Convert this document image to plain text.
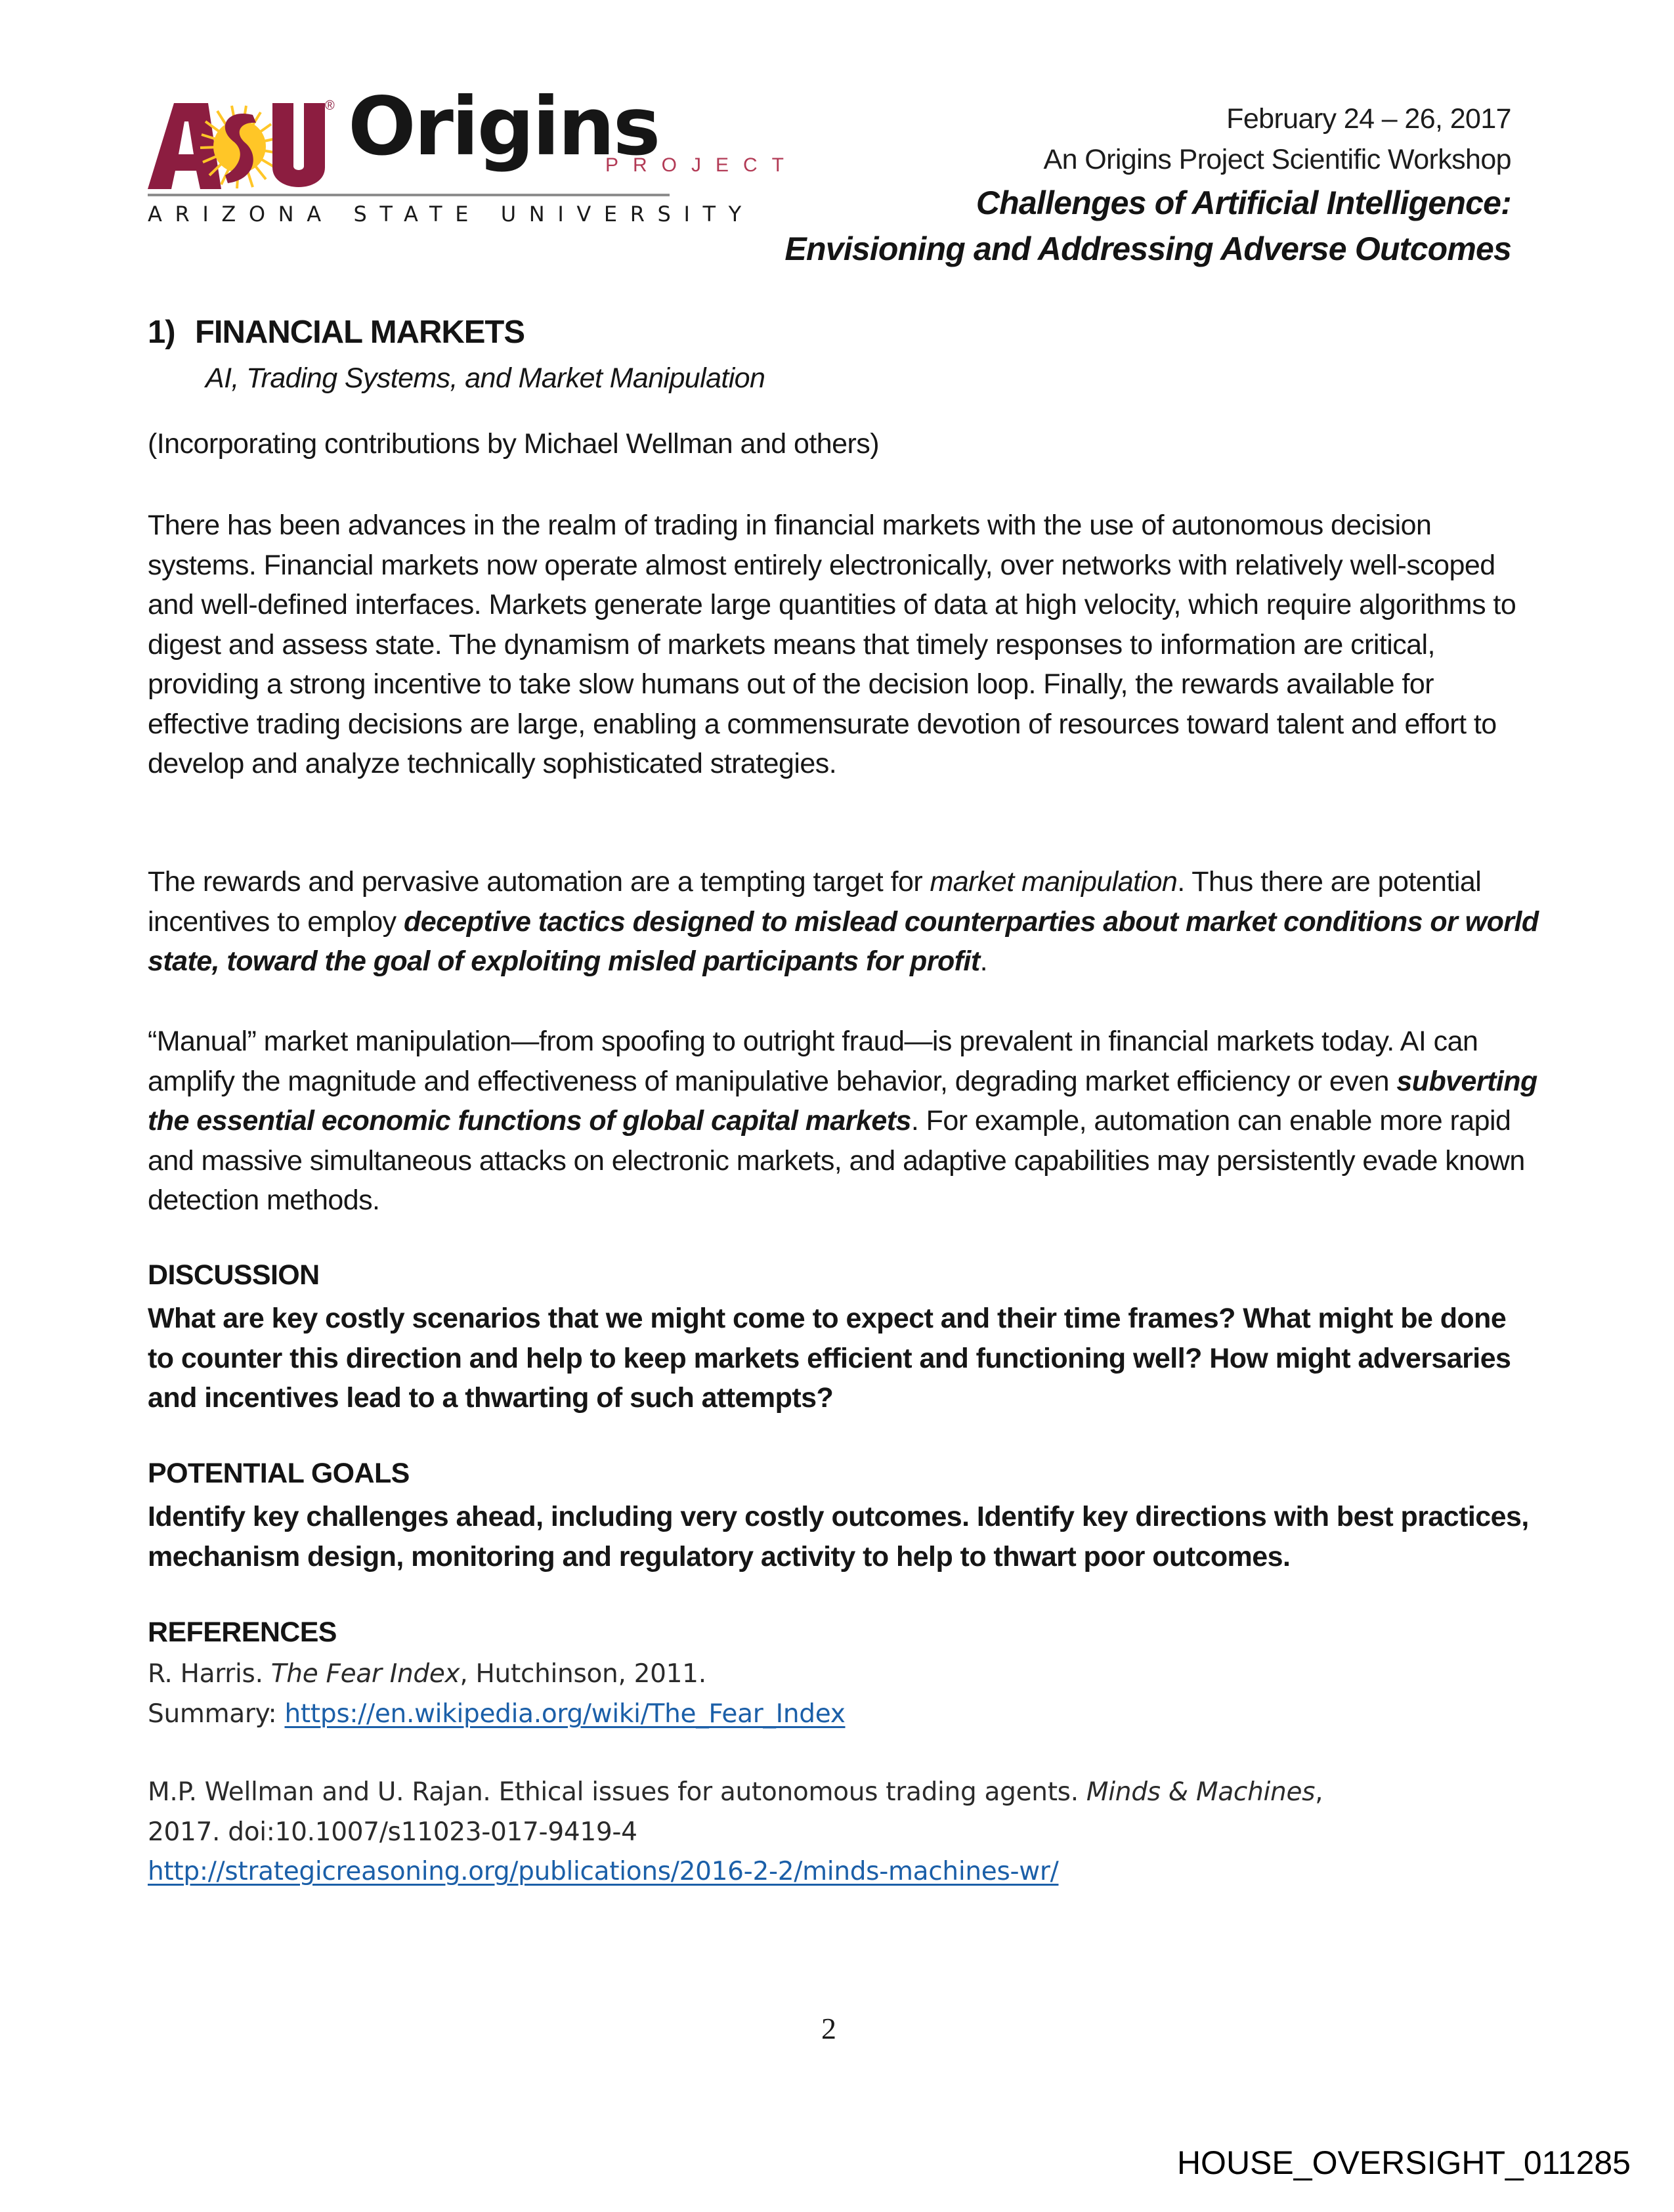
® Origins
PROJECT
ARIZONA STATE UNIVERSITY
February 24 – 26, 2017
An Origins Project Scientific Workshop
Challenges of Artificial Intelligence:
Envisioning and Addressing Adverse Outcomes
1) FINANCIAL MARKETS
AI, Trading Systems, and Market Manipulation
(Incorporating contributions by Michael Wellman and others)

There has been advances in the realm of trading in financial markets with the use of autonomous decision systems. Financial markets now operate almost entirely electronically, over networks with relatively well-scoped and well-defined interfaces. Markets generate large quantities of data at high velocity, which require algorithms to digest and assess state. The dynamism of markets means that timely responses to information are critical, providing a strong incentive to take slow humans out of the decision loop. Finally, the rewards available for effective trading decisions are large, enabling a commensurate devotion of resources toward talent and effort to develop and analyze technically sophisticated strategies.

The rewards and pervasive automation are a tempting target for market manipulation. Thus there are potential incentives to employ deceptive tactics designed to mislead counterparties about market conditions or world state, toward the goal of exploiting misled participants for profit.

“Manual” market manipulation—from spoofing to outright fraud—is prevalent in financial markets today. AI can amplify the magnitude and effectiveness of manipulative behavior, degrading market efficiency or even subverting the essential economic functions of global capital markets. For example, automation can enable more rapid and massive simultaneous attacks on electronic markets, and adaptive capabilities may persistently evade known detection methods.

DISCUSSION

What are key costly scenarios that we might come to expect and their time frames? What might be done to counter this direction and help to keep markets efficient and functioning well? How might adversaries and incentives lead to a thwarting of such attempts?

POTENTIAL GOALS

Identify key challenges ahead, including very costly outcomes. Identify key directions with best practices, mechanism design, monitoring and regulatory activity to help to thwart poor outcomes.

REFERENCES
R. Harris. The Fear Index, Hutchinson, 2011.
Summary: https://en.wikipedia.org/wiki/The_Fear_Index
M.P. Wellman and U. Rajan. Ethical issues for autonomous trading agents. Minds & Machines,
2017. doi:10.1007/s11023-017-9419-4
http://strategicreasoning.org/publications/2016-2-2/minds-machines-wr/
2
HOUSE_OVERSIGHT_011285
